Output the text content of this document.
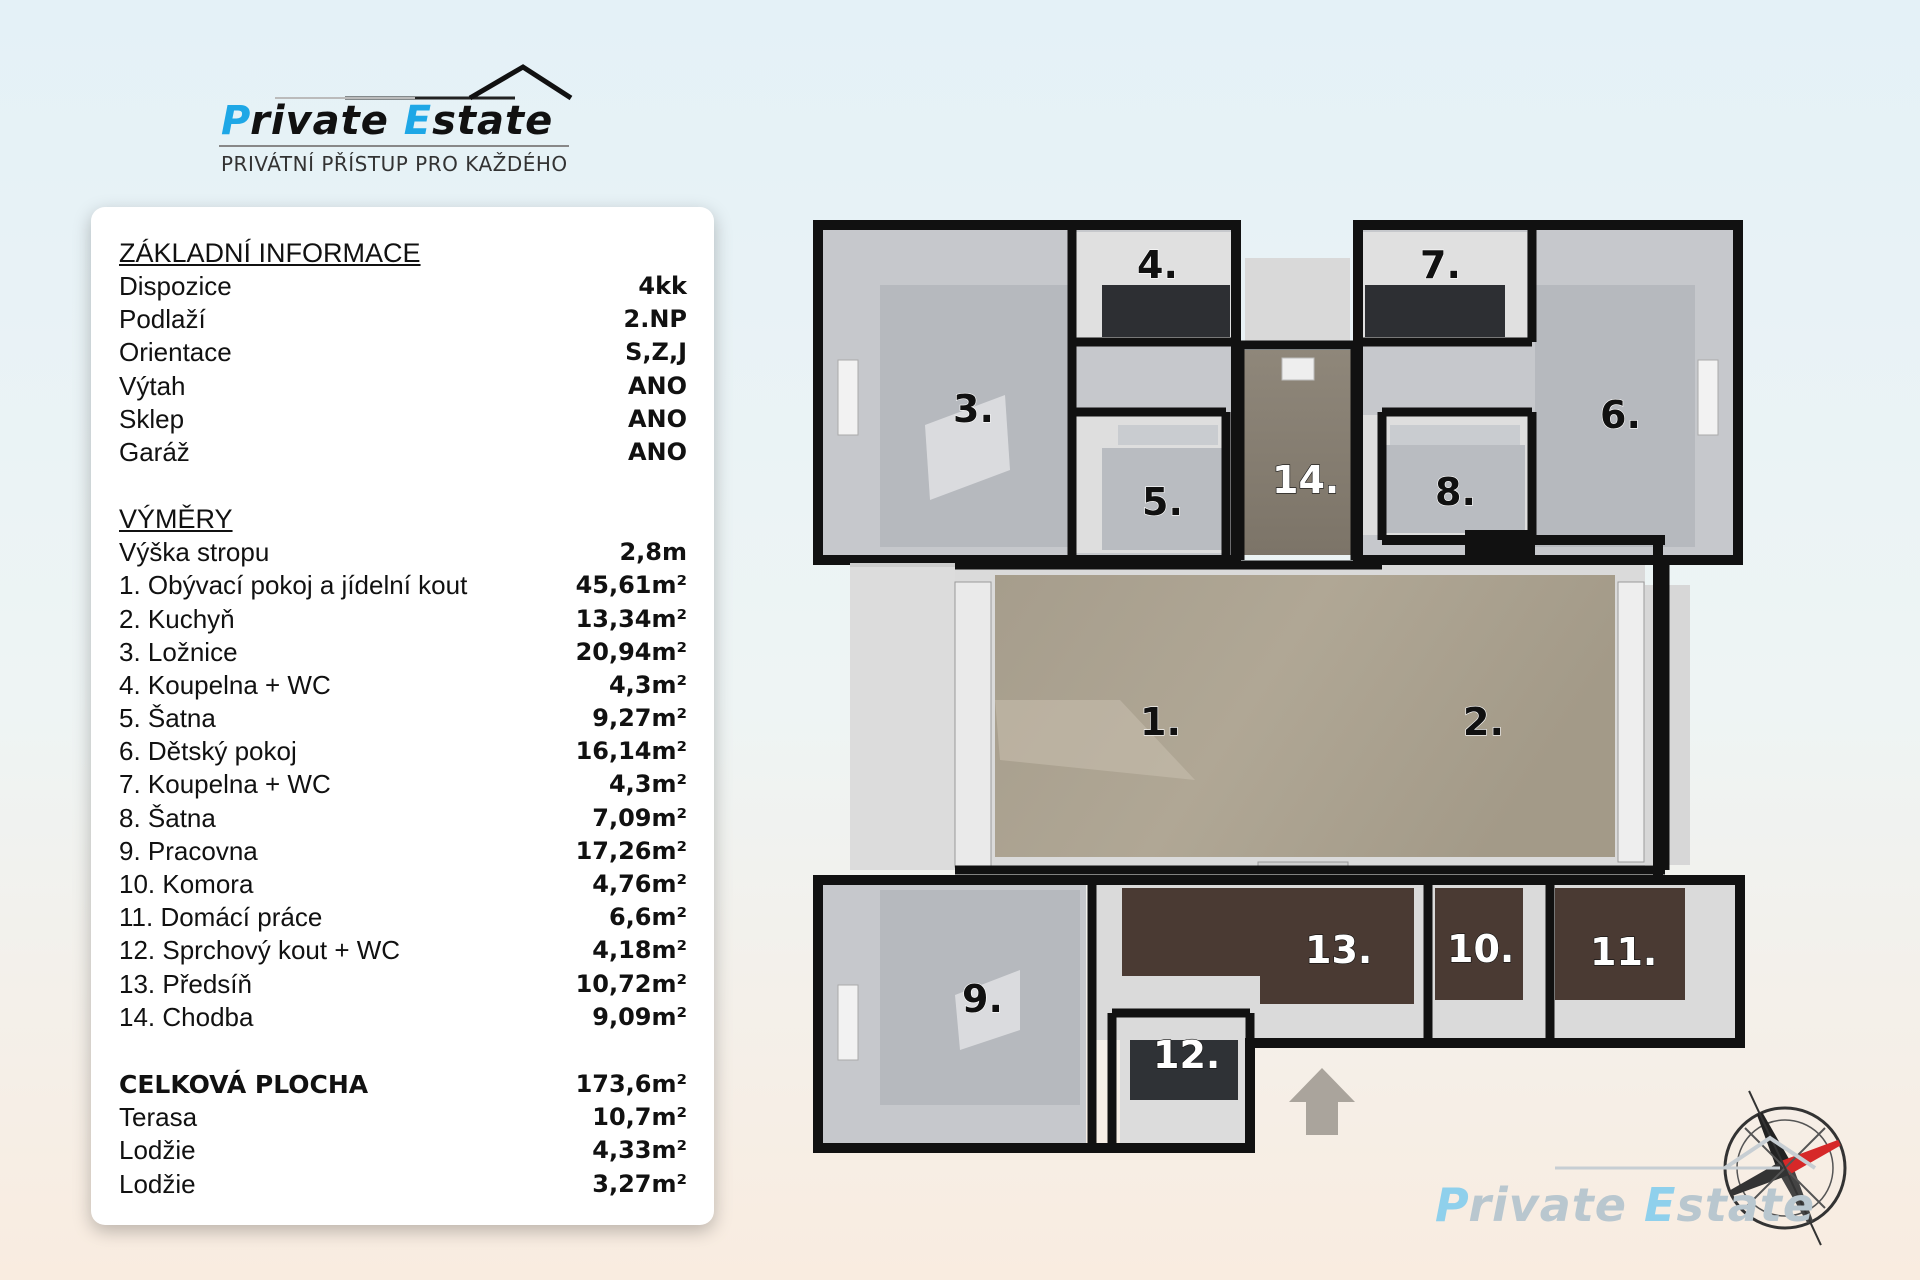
Private Estate
PRIVÁTNÍ PŘÍSTUP PRO KAŽDÉHO
ZÁKLADNÍ INFORMACE
Dispozice	4kk
Podlaží	2.NP
Orientace	S,Z,J
Výtah	ANO
Sklep	ANO
Garáž	ANO
VÝMĚRY
Výška stropu	2,8m
1. Obývací pokoj a jídelní kout	45,61m²
2. Kuchyň	13,34m²
3. Ložnice	20,94m²
4. Koupelna + WC	4,3m²
5. Šatna	9,27m²
6. Dětský pokoj	16,14m²
7. Koupelna + WC	4,3m²
8. Šatna	7,09m²
9. Pracovna	17,26m²
10. Komora	4,76m²
11. Domácí práce	6,6m²
12. Sprchový kout + WC	4,18m²
13. Předsíň	10,72m²
14. Chodba	9,09m²
CELKOVÁ PLOCHA	173,6m²
Terasa	10,7m²
Lodžie	4,33m²
Lodžie	3,27m²
1.	2.
3.
4.
5.
6.
7.
8.
9.
10. 11.
12.
13.
14.
Private Estate
